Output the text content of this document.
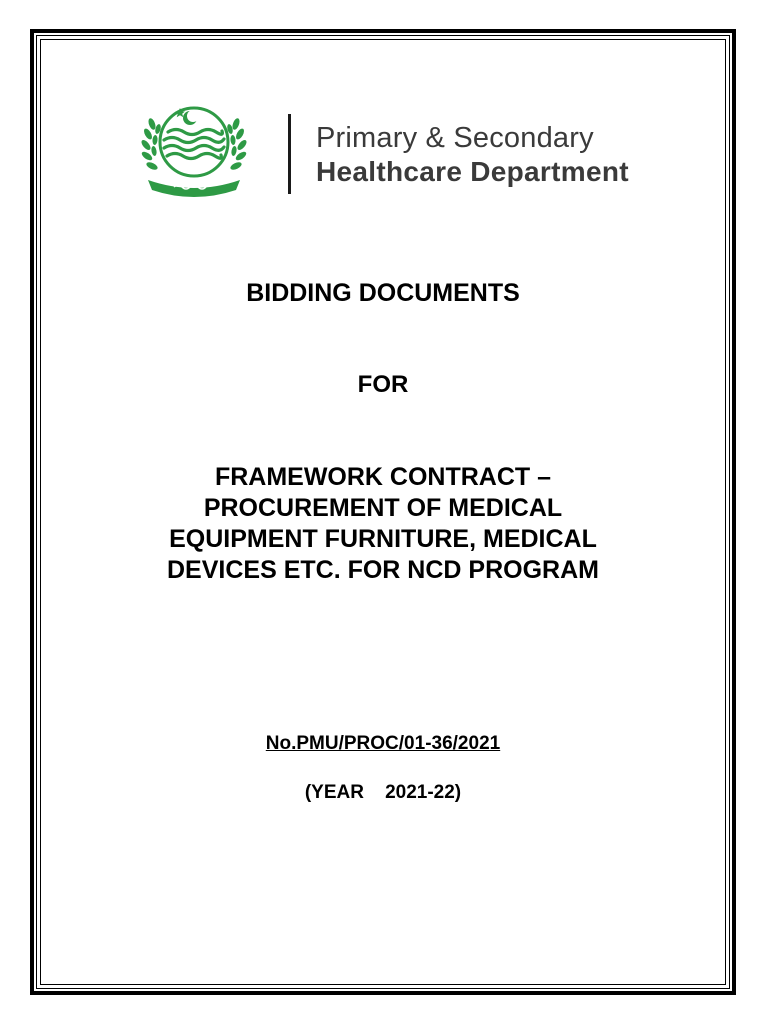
Primary & Secondary
Healthcare Department
BIDDING DOCUMENTS
FOR
FRAMEWORK CONTRACT –
PROCUREMENT OF MEDICAL
EQUIPMENT FURNITURE, MEDICAL
DEVICES ETC. FOR NCD PROGRAM
No.PMU/PROC/01-36/2021
(YEAR    2021-22)
